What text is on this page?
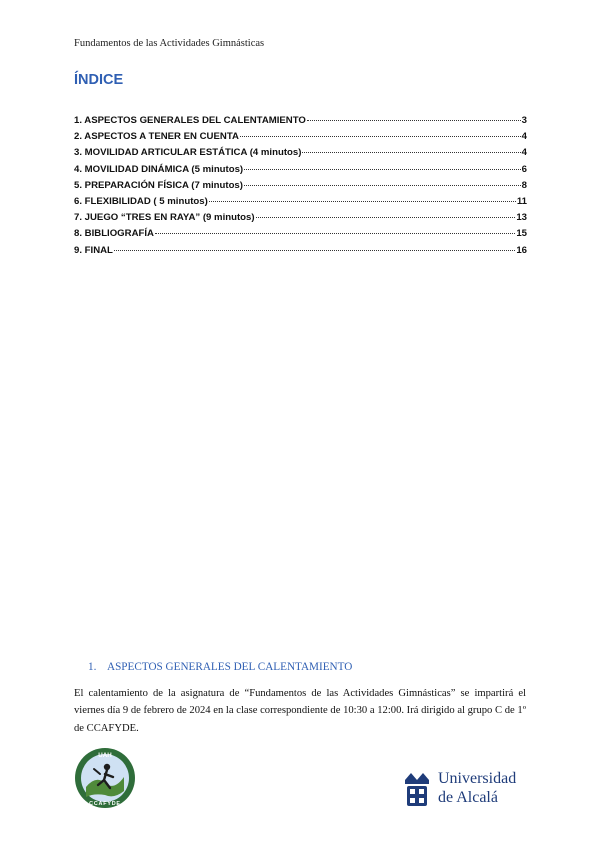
Fundamentos de las Actividades Gimnásticas
ÍNDICE
1. ASPECTOS GENERALES DEL CALENTAMIENTO	3
2. ASPECTOS A TENER EN CUENTA	4
3. MOVILIDAD ARTICULAR ESTÁTICA (4 minutos)	4
4. MOVILIDAD DINÁMICA (5 minutos)	6
5. PREPARACIÓN FÍSICA (7 minutos)	8
6. FLEXIBILIDAD ( 5 minutos)	11
7. JUEGO “TRES EN RAYA” (9 minutos)	13
8. BIBLIOGRAFÍA	15
9. FINAL	16
1. ASPECTOS GENERALES DEL CALENTAMIENTO
El calentamiento de la asignatura de “Fundamentos de las Actividades Gimnásticas” se impartirá el viernes día 9 de febrero de 2024 en la clase correspondiente de 10:30 a 12:00. Irá dirigido al grupo C de 1º de CCAFYDE.
UAH
CCAFYDE
Universidad
de Alcalá
